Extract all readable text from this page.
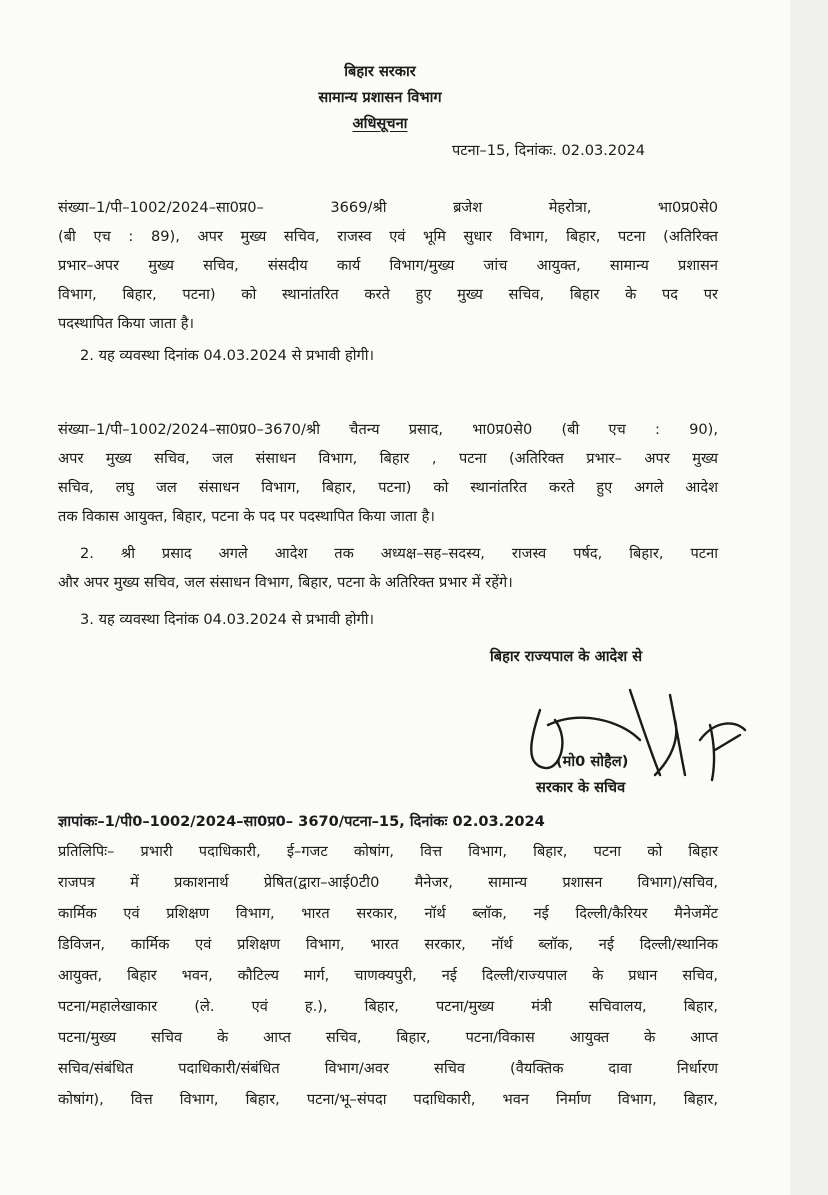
बिहार सरकार
सामान्य प्रशासन विभाग
अधिसूचना
पटना–15, दिनांकः. 02.03.2024
संख्या–1/पी–1002/2024–सा0प्र0– 3669/श्री ब्रजेश मेहरोत्रा, भा0प्र0से0
(बी एच : 89), अपर मुख्य सचिव, राजस्व एवं भूमि सुधार विभाग, बिहार, पटना (अतिरिक्त
प्रभार–अपर मुख्य सचिव, संसदीय कार्य विभाग/मुख्य जांच आयुक्त, सामान्य प्रशासन
विभाग, बिहार, पटना) को स्थानांतरित करते हुए मुख्य सचिव, बिहार के पद पर
पदस्थापित किया जाता है।
2. यह व्यवस्था दिनांक 04.03.2024 से प्रभावी होगी।
संख्या–1/पी–1002/2024–सा0प्र0–3670/श्री चैतन्य प्रसाद, भा0प्र0से0 (बी एच : 90),
अपर मुख्य सचिव, जल संसाधन विभाग, बिहार , पटना (अतिरिक्त प्रभार– अपर मुख्य
सचिव, लघु जल संसाधन विभाग, बिहार, पटना) को स्थानांतरित करते हुए अगले आदेश
तक विकास आयुक्त, बिहार, पटना के पद पर पदस्थापित किया जाता है।
2. श्री प्रसाद अगले आदेश तक अध्यक्ष–सह–सदस्य, राजस्व पर्षद, बिहार, पटना
और अपर मुख्य सचिव, जल संसाधन विभाग, बिहार, पटना के अतिरिक्त प्रभार में रहेंगे।
3. यह व्यवस्था दिनांक 04.03.2024 से प्रभावी होगी।
बिहार राज्यपाल के आदेश से
(मो0 सोहैल)
सरकार के सचिव
ज्ञापांकः–1/पी0–1002/2024–सा0प्र0– 3670/पटना–15, दिनांकः 02.03.2024
प्रतिलिपिः– प्रभारी पदाधिकारी, ई–गजट कोषांग, वित्त विभाग, बिहार, पटना को बिहार
राजपत्र में प्रकाशनार्थ प्रेषित(द्वारा–आई0टी0 मैनेजर, सामान्य प्रशासन विभाग)/सचिव,
कार्मिक एवं प्रशिक्षण विभाग, भारत सरकार, नॉर्थ ब्लॉक, नई दिल्ली/कैरियर मैनेजमेंट
डिविजन, कार्मिक एवं प्रशिक्षण विभाग, भारत सरकार, नॉर्थ ब्लॉक, नई दिल्ली/स्थानिक
आयुक्त, बिहार भवन, कौटिल्य मार्ग, चाणक्यपुरी, नई दिल्ली/राज्यपाल के प्रधान सचिव,
पटना/महालेखाकार (ले. एवं ह.), बिहार, पटना/मुख्य मंत्री सचिवालय, बिहार,
पटना/मुख्य सचिव के आप्त सचिव, बिहार, पटना/विकास आयुक्त के आप्त
सचिव/संबंधित पदाधिकारी/संबंधित विभाग/अवर सचिव (वैयक्तिक दावा निर्धारण
कोषांग), वित्त विभाग, बिहार, पटना/भू–संपदा पदाधिकारी, भवन निर्माण विभाग, बिहार,
